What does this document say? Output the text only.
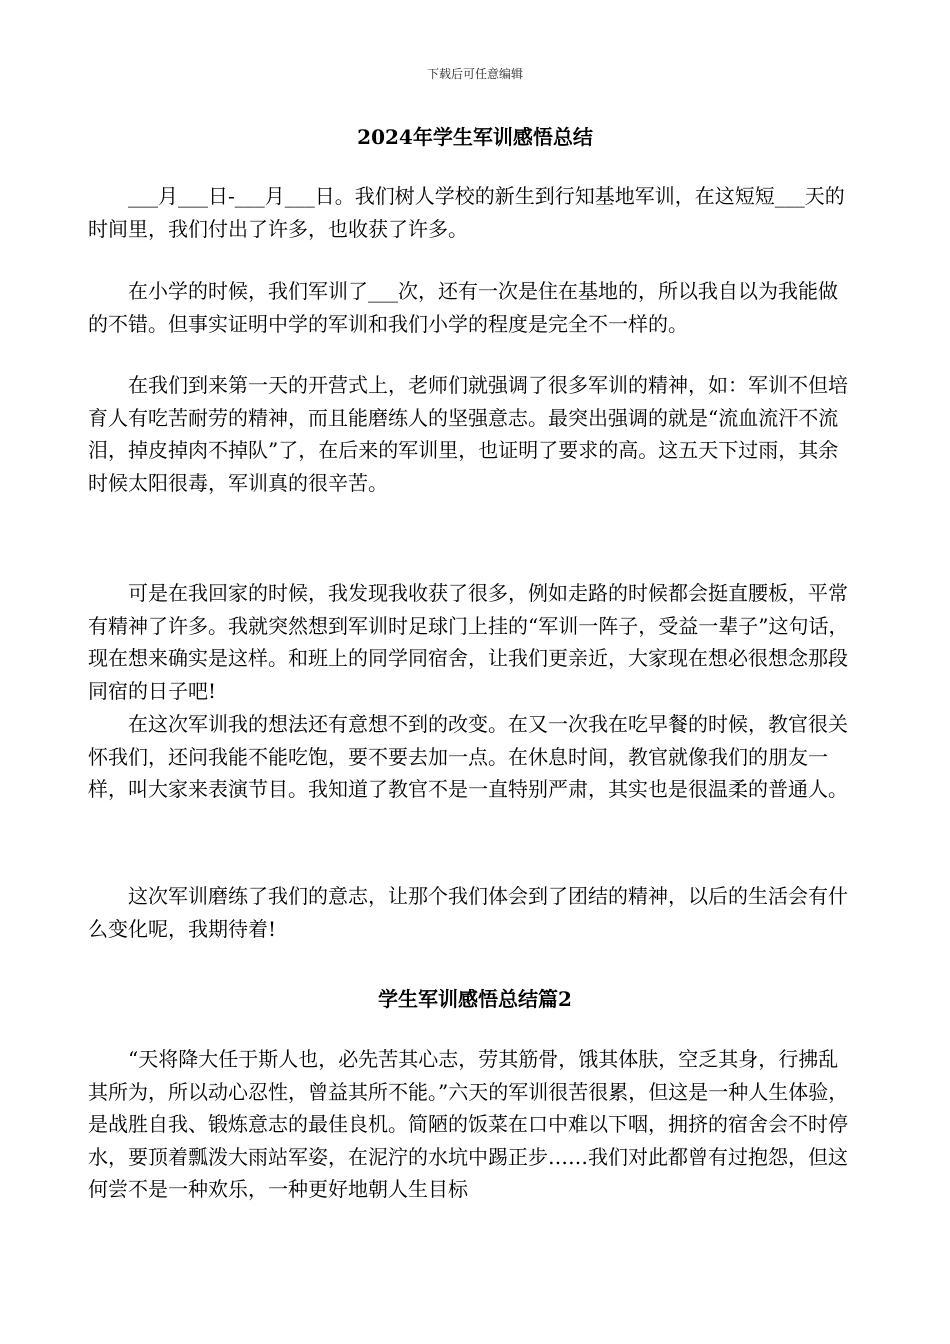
下载后可任意编辑
2024年学生军训感悟总结

___月___日-___月___日。我们树人学校的新生到行知基地军训，在这短短___天的时间里，我们付出了许多，也收获了许多。

在小学的时候，我们军训了___次，还有一次是住在基地的，所以我自以为我能做的不错。但事实证明中学的军训和我们小学的程度是完全不一样的。

在我们到来第一天的开营式上，老师们就强调了很多军训的精神，如：军训不但培育人有吃苦耐劳的精神，而且能磨练人的坚强意志。最突出强调的就是“流血流汗不流泪，掉皮掉肉不掉队”了，在后来的军训里，也证明了要求的高。这五天下过雨，其余时候太阳很毒，军训真的很辛苦。

可是在我回家的时候，我发现我收获了很多，例如走路的时候都会挺直腰板，平常有精神了许多。我就突然想到军训时足球门上挂的“军训一阵子，受益一辈子”这句话，现在想来确实是这样。和班上的同学同宿舍，让我们更亲近，大家现在想必很想念那段同宿的日子吧!

在这次军训我的想法还有意想不到的改变。在又一次我在吃早餐的时候，教官很关怀我们，还问我能不能吃饱，要不要去加一点。在休息时间，教官就像我们的朋友一样，叫大家来表演节目。我知道了教官不是一直特别严肃，其实也是很温柔的普通人。

这次军训磨练了我们的意志，让那个我们体会到了团结的精神，以后的生活会有什么变化呢，我期待着!

学生军训感悟总结篇2

“天将降大任于斯人也，必先苦其心志，劳其筋骨，饿其体肤，空乏其身，行拂乱其所为，所以动心忍性，曾益其所不能。”六天的军训很苦很累，但这是一种人生体验，是战胜自我、锻炼意志的最佳良机。简陋的饭菜在口中难以下咽，拥挤的宿舍会不时停水，要顶着瓢泼大雨站军姿，在泥泞的水坑中踢正步……我们对此都曾有过抱怨，但这何尝不是一种欢乐，一种更好地朝人生目标
